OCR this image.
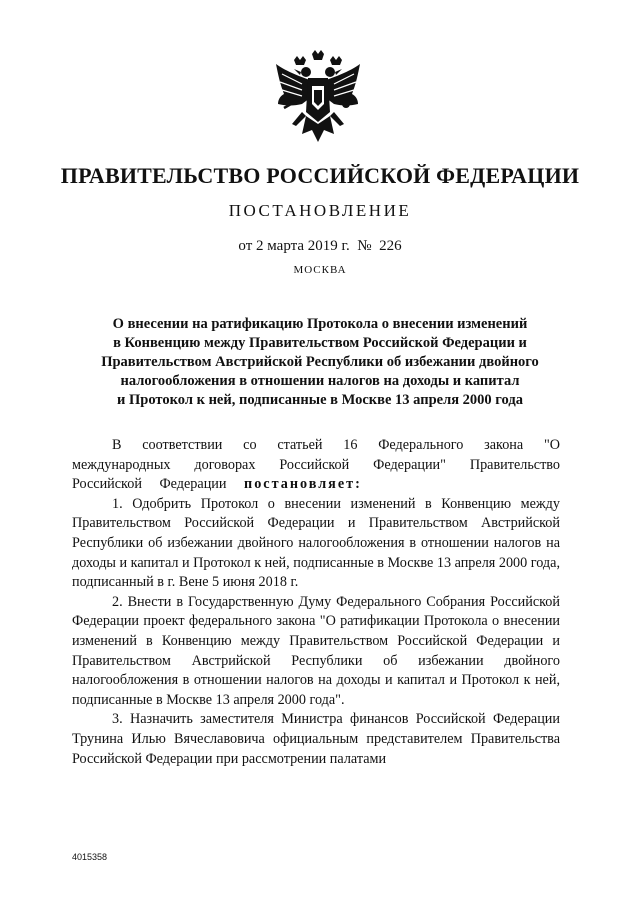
ПРАВИТЕЛЬСТВО РОССИЙСКОЙ ФЕДЕРАЦИИ
ПОСТАНОВЛЕНИЕ
от 2 марта 2019 г. № 226
МОСКВА
О внесении на ратификацию Протокола о внесении изменений
в Конвенцию между Правительством Российской Федерации и
Правительством Австрийской Республики об избежании двойного
налогообложения в отношении налогов на доходы и капитал
и Протокол к ней, подписанные в Москве 13 апреля 2000 года

В соответствии со статьей 16 Федерального закона "О международных договорах Российской Федерации" Правительство Российской Федерации постановляет:

1. Одобрить Протокол о внесении изменений в Конвенцию между Правительством Российской Федерации и Правительством Австрийской Республики об избежании двойного налогообложения в отношении налогов на доходы и капитал и Протокол к ней, подписанные в Москве 13 апреля 2000 года, подписанный в г. Вене 5 июня 2018 г.

2. Внести в Государственную Думу Федерального Собрания Российской Федерации проект федерального закона "О ратификации Протокола о внесении изменений в Конвенцию между Правительством Российской Федерации и Правительством Австрийской Республики об избежании двойного налогообложения в отношении налогов на доходы и капитал и Протокол к ней, подписанные в Москве 13 апреля 2000 года".

3. Назначить заместителя Министра финансов Российской Федерации Трунина Илью Вячеславовича официальным представителем Правительства Российской Федерации при рассмотрении палатами

4015358
